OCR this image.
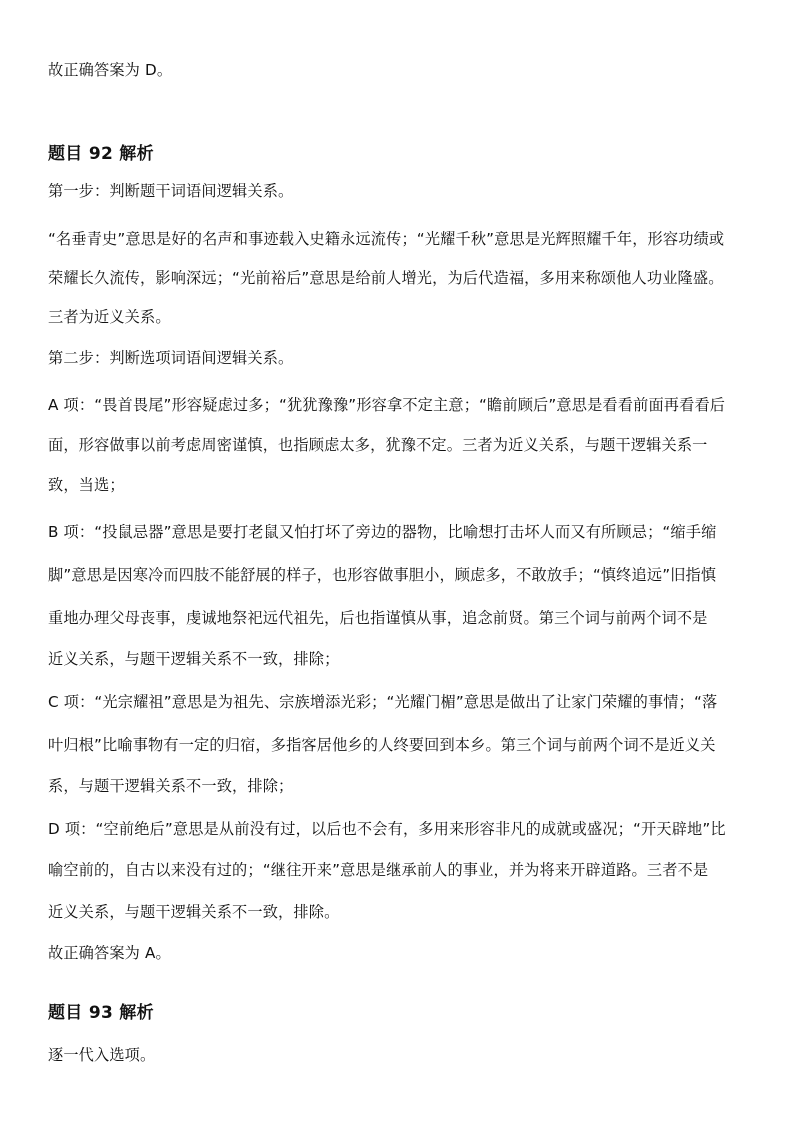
故正确答案为 D。
题目 92 解析
第一步：判断题干词语间逻辑关系。
“名垂青史”意思是好的名声和事迹载入史籍永远流传；“光耀千秋”意思是光辉照耀千年，形容功绩或
荣耀长久流传，影响深远；“光前裕后”意思是给前人增光，为后代造福，多用来称颂他人功业隆盛。
三者为近义关系。
第二步：判断选项词语间逻辑关系。
A 项：“畏首畏尾”形容疑虑过多；“犹犹豫豫”形容拿不定主意；“瞻前顾后”意思是看看前面再看看后
面，形容做事以前考虑周密谨慎，也指顾虑太多，犹豫不定。三者为近义关系，与题干逻辑关系一
致，当选；
B 项：“投鼠忌器”意思是要打老鼠又怕打坏了旁边的器物，比喻想打击坏人而又有所顾忌；“缩手缩
脚”意思是因寒冷而四肢不能舒展的样子，也形容做事胆小，顾虑多，不敢放手；“慎终追远”旧指慎
重地办理父母丧事，虔诚地祭祀远代祖先，后也指谨慎从事，追念前贤。第三个词与前两个词不是
近义关系，与题干逻辑关系不一致，排除；
C 项：“光宗耀祖”意思是为祖先、宗族增添光彩；“光耀门楣”意思是做出了让家门荣耀的事情；“落
叶归根”比喻事物有一定的归宿，多指客居他乡的人终要回到本乡。第三个词与前两个词不是近义关
系，与题干逻辑关系不一致，排除；
D 项：“空前绝后”意思是从前没有过，以后也不会有，多用来形容非凡的成就或盛况；“开天辟地”比
喻空前的，自古以来没有过的；“继往开来”意思是继承前人的事业，并为将来开辟道路。三者不是
近义关系，与题干逻辑关系不一致，排除。
故正确答案为 A。
题目 93 解析
逐一代入选项。
